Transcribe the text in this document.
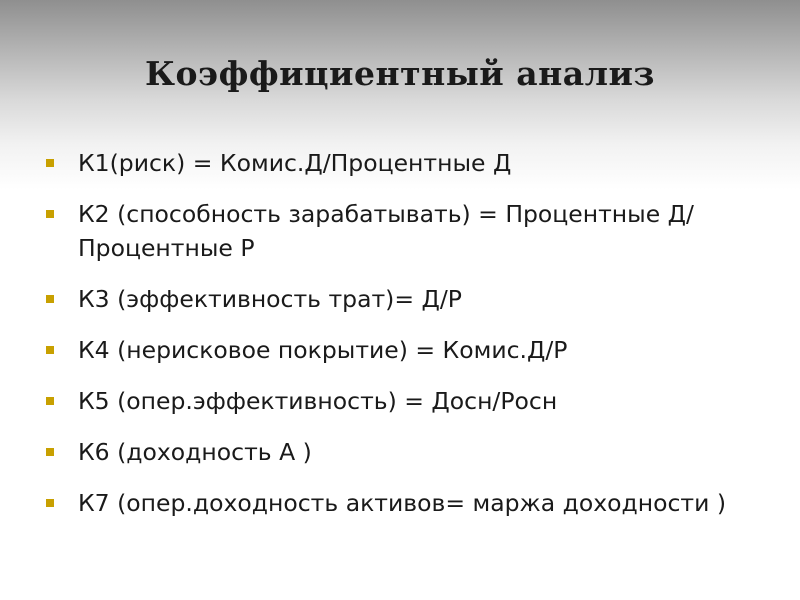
Коэффициентный анализ
К1(риск) = Комис.Д/Процентные Д
К2 (способность зарабатывать) = Процентные Д/Процентные Р
К3 (эффективность трат)= Д/Р
К4 (нерисковое покрытие) = Комис.Д/Р
К5 (опер.эффективность) = Досн/Росн
К6 (доходность А )
К7 (опер.доходность активов= маржа доходности )
